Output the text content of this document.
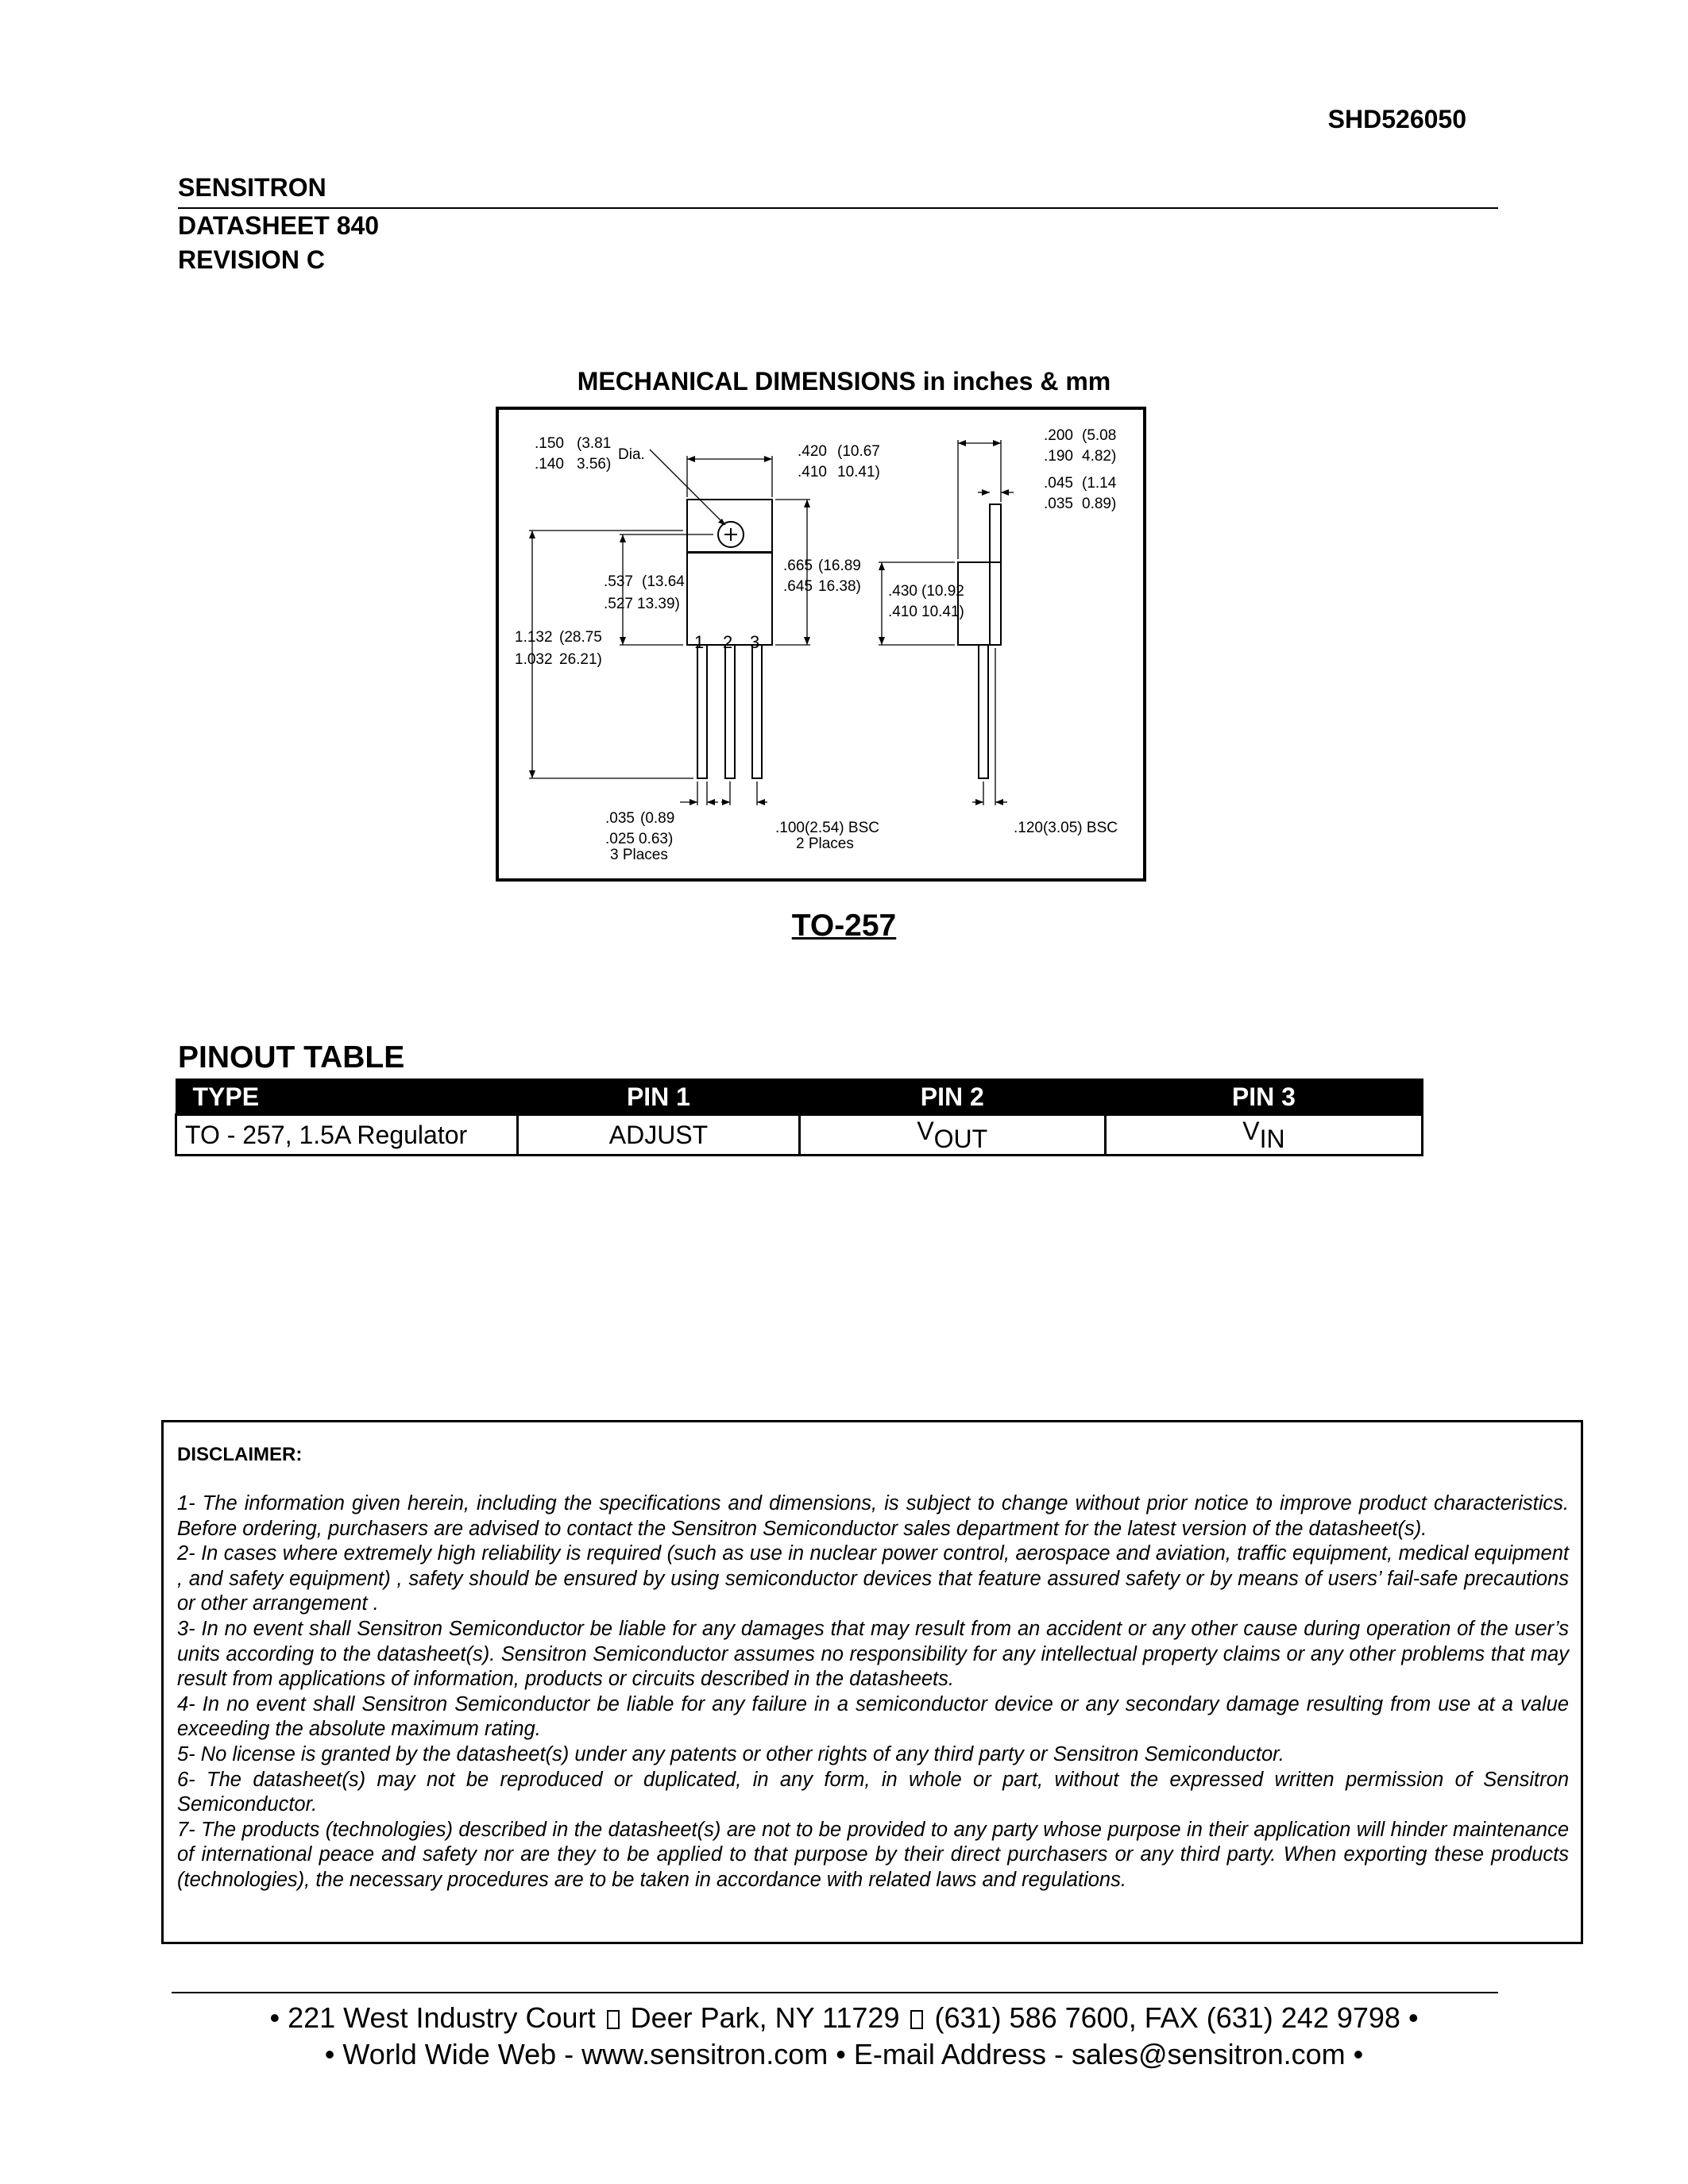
SHD526050
SENSITRON
DATASHEET 840
REVISION C
MECHANICAL DIMENSIONS in inches & mm
.150 (3.81
.140 3.56)
Dia.	.420 (10.67
.410 10.41)
.200 (5.08
.190 4.82)
.045 (1.14
.035 0.89)
.537 (13.64
.527 13.39)
.665 (16.89
.645 16.38) .430 (10.92
.410 10.41)
1.132 (28.75
1.032 26.21)
.035 (0.89
.025 0.63)
3 Places
.100(2.54) BSC
2 Places
.120(3.05) BSC
1 2 3
TO-257
PINOUT TABLE
TYPE	PIN 1	PIN 2	PIN 3
TO - 257, 1.5A Regulator	ADJUST	$V_{OUT}$	$V_{IN}$
DISCLAIMER:

1- The information given herein, including the specifications and dimensions, is subject to change without prior notice to improve product characteristics. Before ordering, purchasers are advised to contact the Sensitron Semiconductor sales department for the latest version of the datasheet(s).

2- In cases where extremely high reliability is required (such as use in nuclear power control, aerospace and aviation, traffic equipment, medical equipment , and safety equipment) , safety should be ensured by using semiconductor devices that feature assured safety or by means of users’ fail-safe precautions or other arrangement .

3- In no event shall Sensitron Semiconductor be liable for any damages that may result from an accident or any other cause during operation of the user’s units according to the datasheet(s). Sensitron Semiconductor assumes no responsibility for any intellectual property claims or any other problems that may result from applications of information, products or circuits described in the datasheets.

4- In no event shall Sensitron Semiconductor be liable for any failure in a semiconductor device or any secondary damage resulting from use at a value exceeding the absolute maximum rating.

5- No license is granted by the datasheet(s) under any patents or other rights of any third party or Sensitron Semiconductor.

6- The datasheet(s) may not be reproduced or duplicated, in any form, in whole or part, without the expressed written permission of Sensitron Semiconductor.

7- The products (technologies) described in the datasheet(s) are not to be provided to any party whose purpose in their application will hinder maintenance of international peace and safety nor are they to be applied to that purpose by their direct purchasers or any third party. When exporting these products (technologies), the necessary procedures are to be taken in accordance with related laws and regulations.

• 221 West Industry Court Deer Park, NY 11729 (631) 586 7600, FAX (631) 242 9798 •
• World Wide Web - www.sensitron.com • E-mail Address - sales@sensitron.com •
